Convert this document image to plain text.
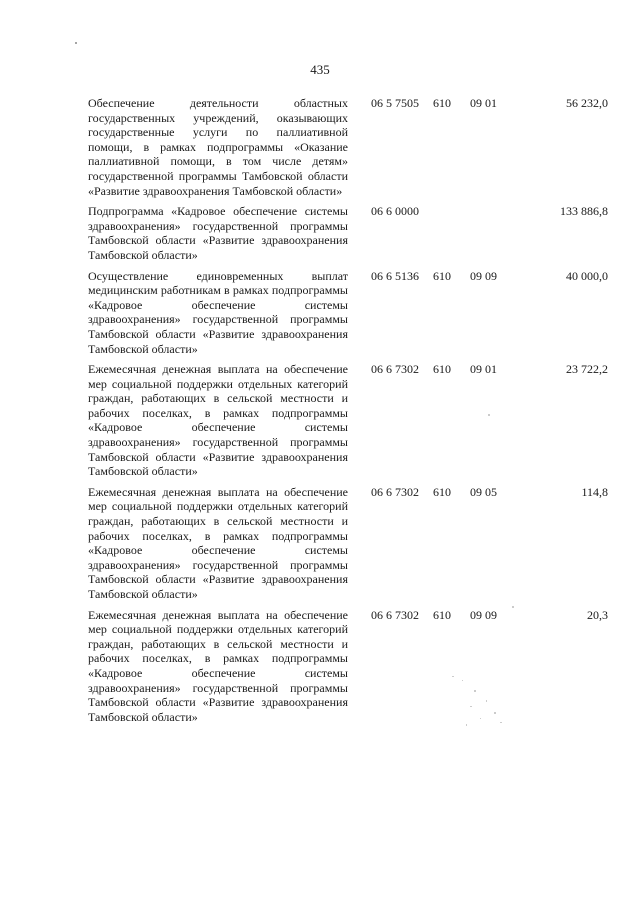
435
Обеспечение деятельности областных государственных учреждений, оказывающих государственные услуги по паллиативной помощи, в рамках подпрограммы «Оказание паллиативной помощи, в том числе детям» государственной программы Тамбовской области «Развитие здравоохранения Тамбовской области»
06 5 7505 610 09 01	56 232,0
Подпрограмма «Кадровое обеспечение системы здравоохранения» государственной программы Тамбовской области «Развитие здравоохранения Тамбовской области»
06 6 0000	133 886,8
Осуществление единовременных выплат медицинским работникам в рамках подпрограммы «Кадровое обеспечение системы здравоохранения» государственной программы Тамбовской области «Развитие здравоохранения Тамбовской области»
06 6 5136 610 09 09	40 000,0
Ежемесячная денежная выплата на обеспечение мер социальной поддержки отдельных категорий граждан, работающих в сельской местности и рабочих поселках, в рамках подпрограммы «Кадровое обеспечение системы здравоохранения» государственной программы Тамбовской области «Развитие здравоохранения Тамбовской области»
06 6 7302 610 09 01	23 722,2
Ежемесячная денежная выплата на обеспечение мер социальной поддержки отдельных категорий граждан, работающих в сельской местности и рабочих поселках, в рамках подпрограммы «Кадровое обеспечение системы здравоохранения» государственной программы Тамбовской области «Развитие здравоохранения Тамбовской области»
06 6 7302 610 09 05	114,8
Ежемесячная денежная выплата на обеспечение мер социальной поддержки отдельных категорий граждан, работающих в сельской местности и рабочих поселках, в рамках подпрограммы «Кадровое обеспечение системы здравоохранения» государственной программы Тамбовской области «Развитие здравоохранения Тамбовской области»
06 6 7302 610 09 09	20,3
